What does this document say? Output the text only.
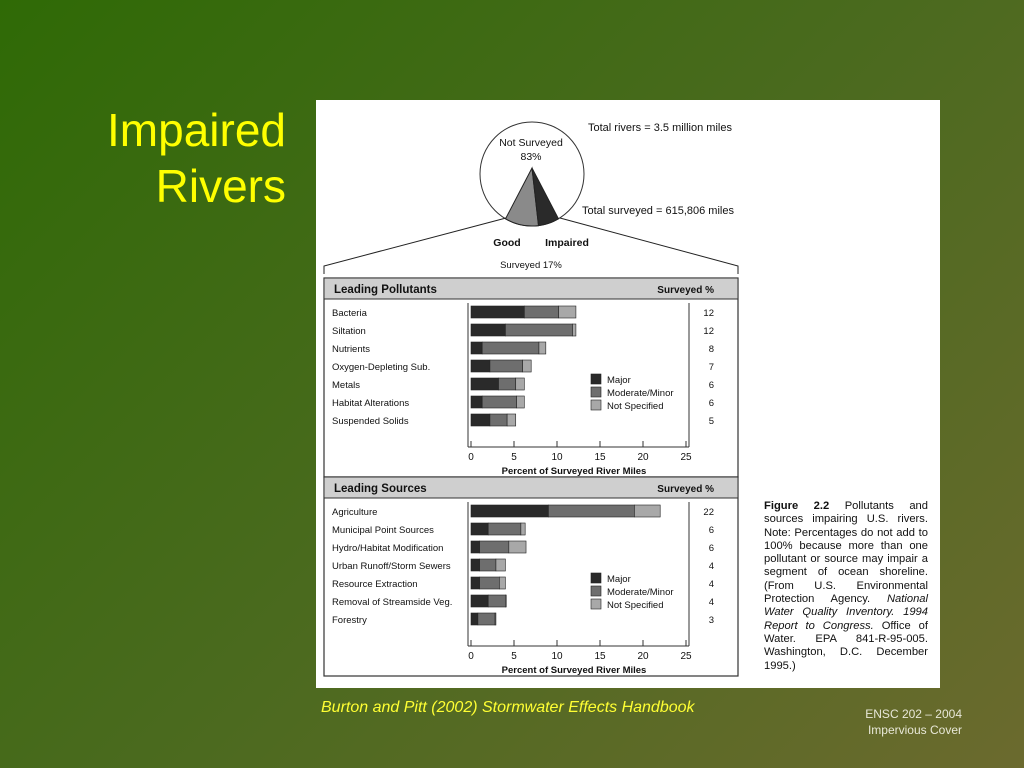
Impaired
Rivers
Total rivers = 3.5 million miles
Total surveyed = 615,806 miles
Not Surveyed
83%
Good Impaired
Surveyed 17%
Leading Pollutants	Surveyed %
0	5	10	15	20	25
Percent of Surveyed River Miles
Bacteria	12
Siltation	12
Nutrients	8
Oxygen-Depleting Sub.	7
Metals	6
Habitat Alterations	6
Suspended Solids	5
Major
Moderate/Minor
Not Specified
Leading Sources	Surveyed %
0	5	10	15	20	25
Percent of Surveyed River Miles
Agriculture	22
Municipal Point Sources	6
Hydro/Habitat Modification	6
Urban Runoff/Storm Sewers	4
Resource Extraction	4
Removal of Streamside Veg.	4
Forestry	3
Major
Moderate/Minor
Not Specified
Figure 2.2 Pollutants and sources impairing U.S. rivers. Note: Percentages do not add to 100% because more than one pollutant or source may impair a segment of ocean shoreline. (From U.S. Environmental Protection Agency. National Water Quality Inventory. 1994 Report to Congress. Office of Water. EPA 841-R-95-005. Washington, D.C. December 1995.)
Burton and Pitt (2002) Stormwater Effects Handbook	ENSC 202 – 2004
Impervious Cover
